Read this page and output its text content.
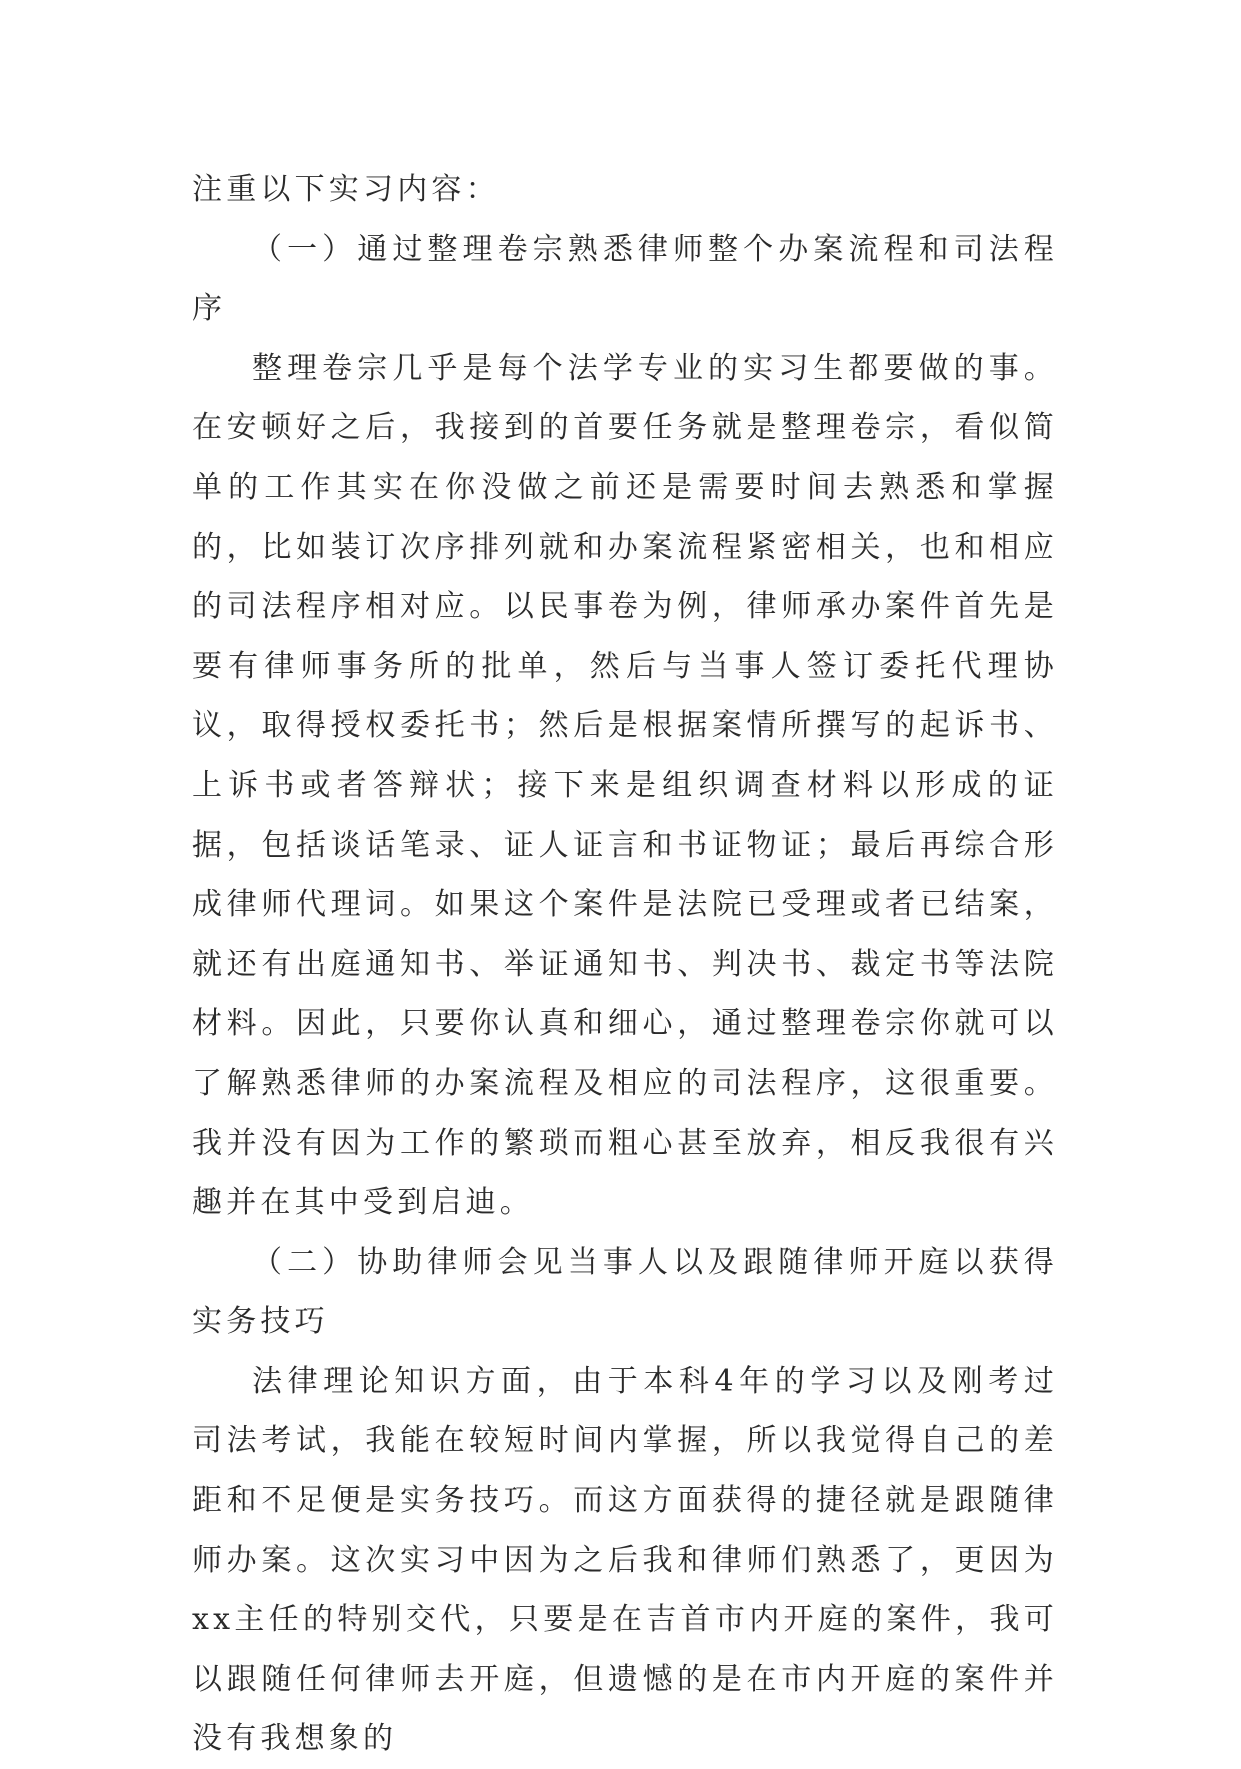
注重以下实习内容：

（一）通过整理卷宗熟悉律师整个办案流程和司法程序

整理卷宗几乎是每个法学专业的实习生都要做的事。在安顿好之后，我接到的首要任务就是整理卷宗，看似简单的工作其实在你没做之前还是需要时间去熟悉和掌握的，比如装订次序排列就和办案流程紧密相关，也和相应的司法程序相对应。以民事卷为例，律师承办案件首先是要有律师事务所的批单，然后与当事人签订委托代理协议，取得授权委托书；然后是根据案情所撰写的起诉书、上诉书或者答辩状；接下来是组织调查材料以形成的证据，包括谈话笔录、证人证言和书证物证；最后再综合形成律师代理词。如果这个案件是法院已受理或者已结案，就还有出庭通知书、举证通知书、判决书、裁定书等法院材料。因此，只要你认真和细心，通过整理卷宗你就可以了解熟悉律师的办案流程及相应的司法程序，这很重要。我并没有因为工作的繁琐而粗心甚至放弃，相反我很有兴趣并在其中受到启迪。

（二）协助律师会见当事人以及跟随律师开庭以获得实务技巧

法律理论知识方面，由于本科4年的学习以及刚考过司法考试，我能在较短时间内掌握，所以我觉得自己的差距和不足便是实务技巧。而这方面获得的捷径就是跟随律师办案。这次实习中因为之后我和律师们熟悉了，更因为xx主任的特别交代，只要是在吉首市内开庭的案件，我可以跟随任何律师去开庭，但遗憾的是在市内开庭的案件并没有我想象的
